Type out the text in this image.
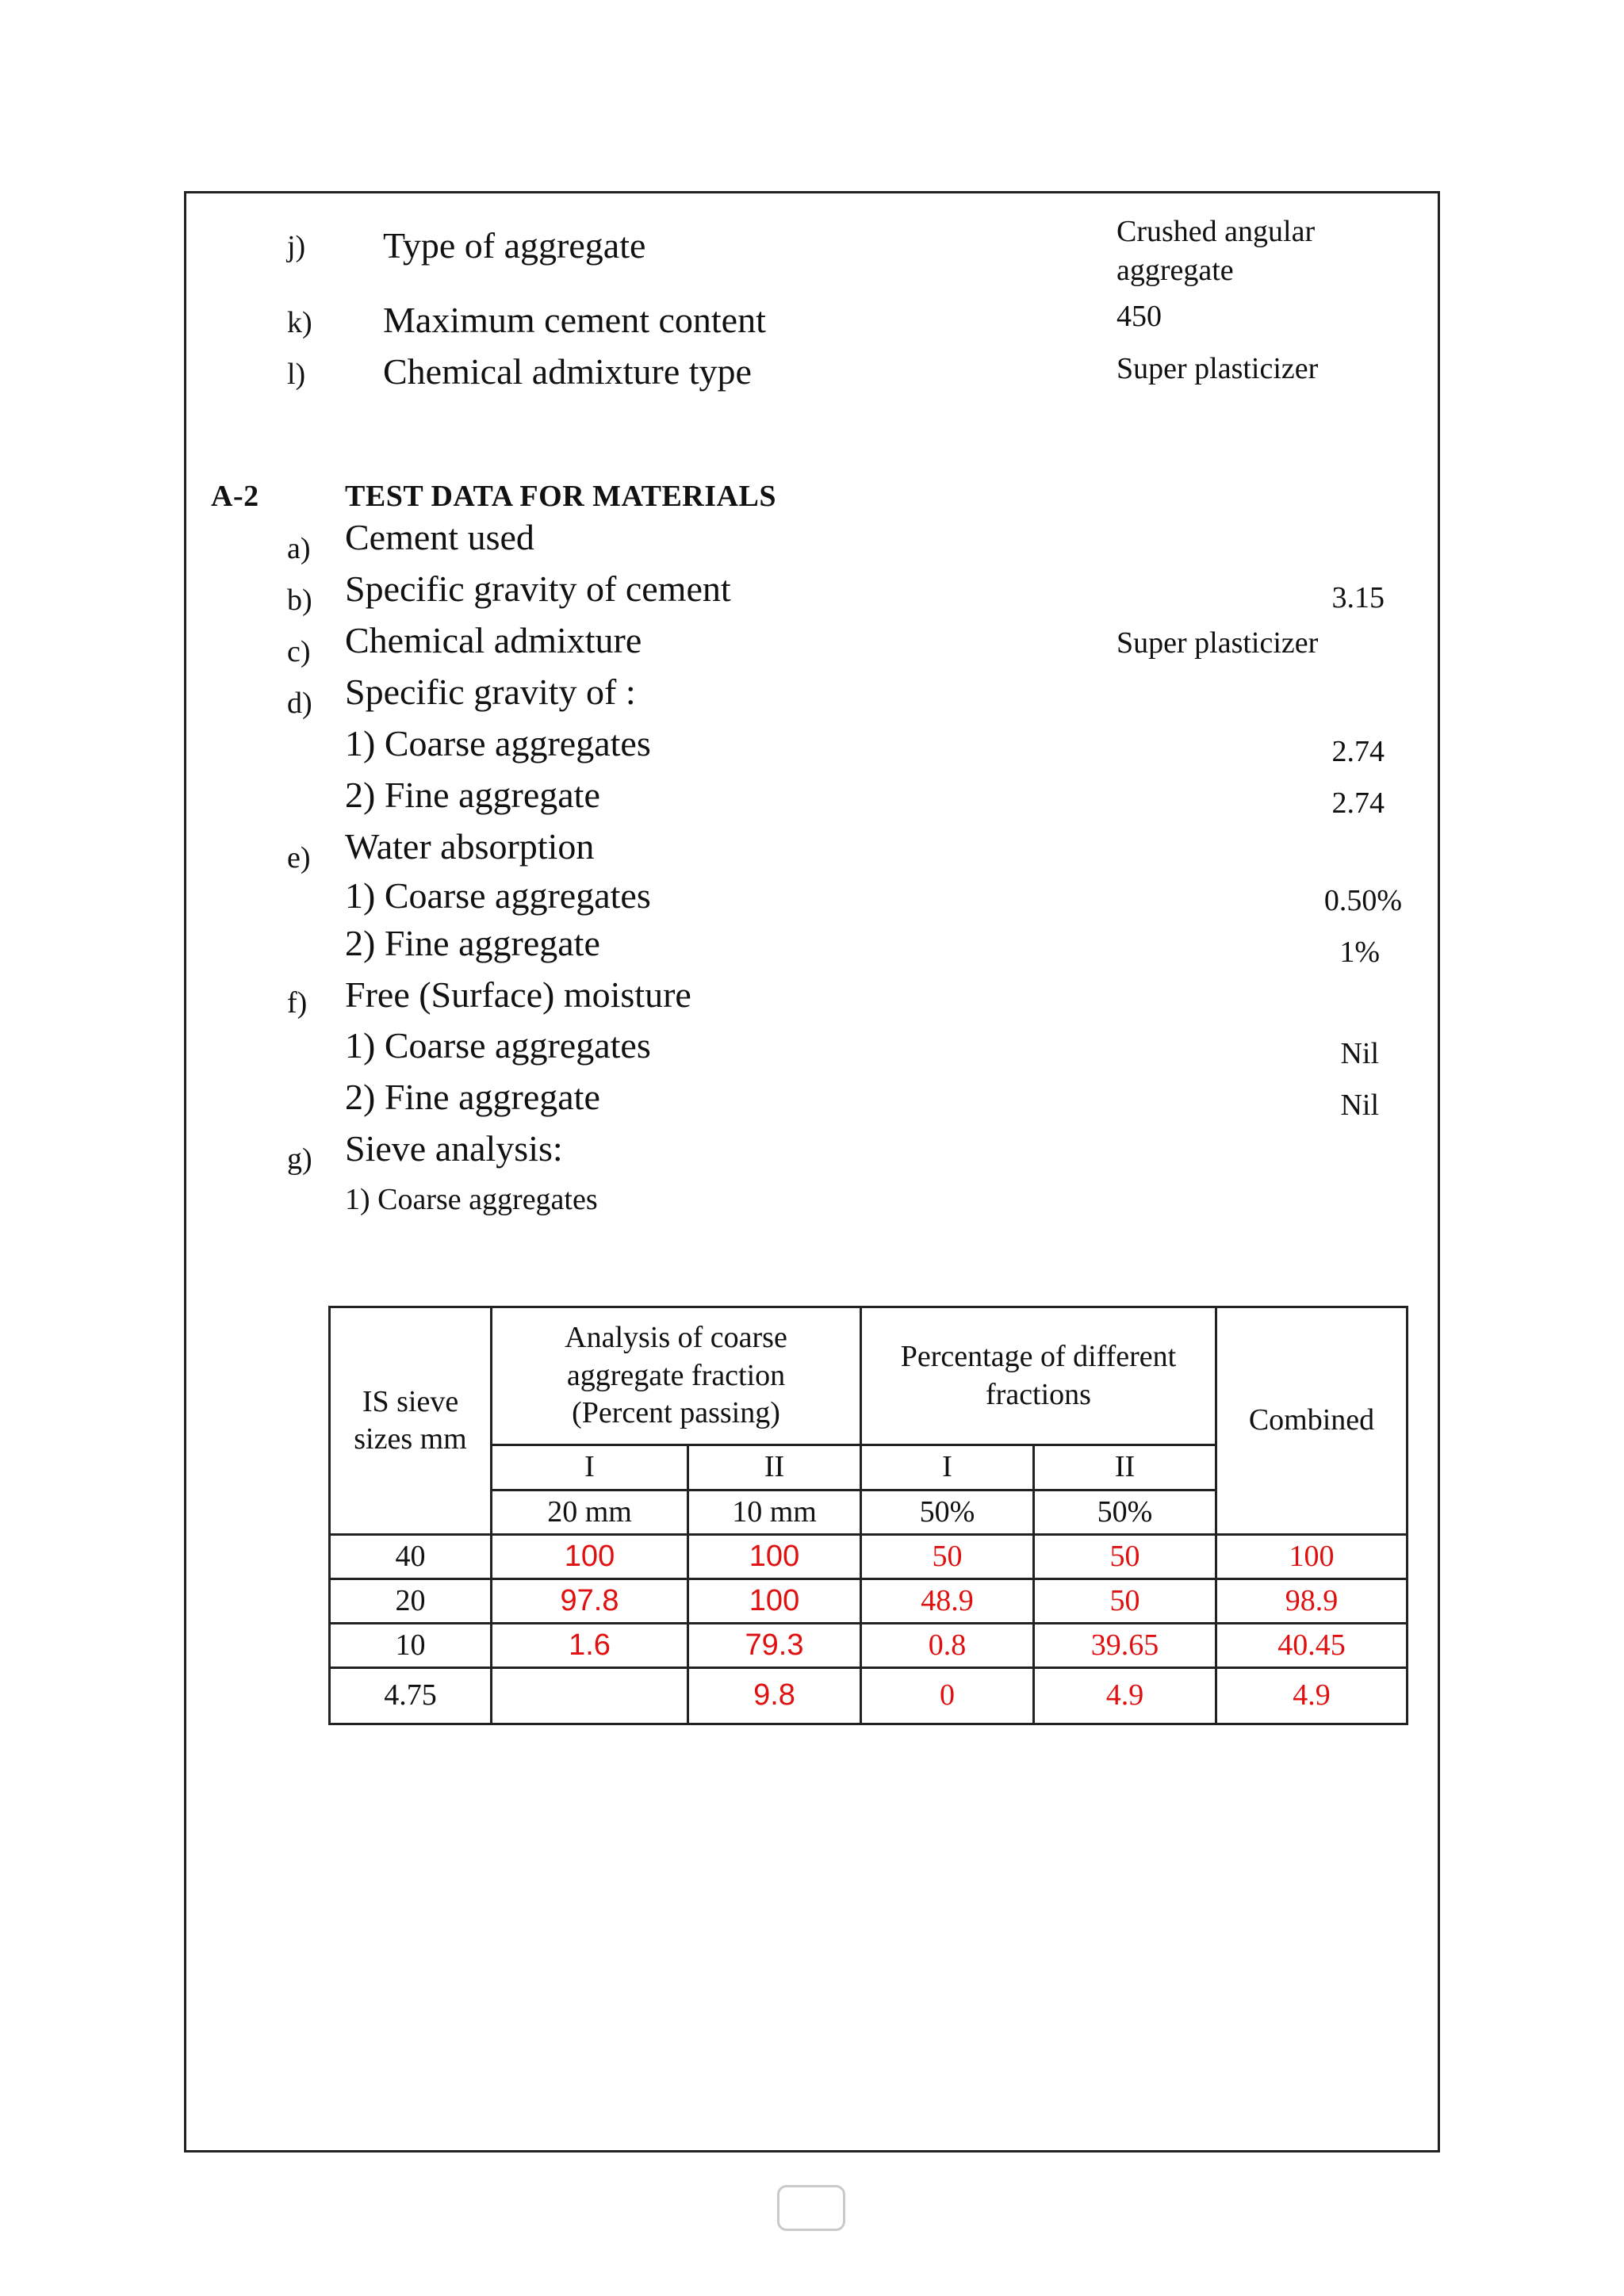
j) Type of aggregate	Crushed angular aggregate
k) Maximum cement content	450
l) Chemical admixture type	Super plasticizer
A-2	TEST DATA FOR MATERIALS
a) Cement used
b) Specific gravity of cement	3.15
c) Chemical admixture	Super plasticizer
d) Specific gravity of :
1) Coarse aggregates	2.74
2) Fine aggregate	2.74
e) Water absorption
1) Coarse aggregates	0.50%
2) Fine aggregate	1%
f) Free (Surface) moisture
1) Coarse aggregates	Nil
2) Fine aggregate	Nil
g) Sieve analysis:
1) Coarse aggregates
IS sieve sizes mm	Analysis of coarse aggregate fraction (Percent passing)		Percentage of different fractions		Combined
	I	II	I	II	
	20 mm	10 mm	50%	50%	
40	100	100	50	50	100
20	97.8	100	48.9	50	98.9
10	1.6	79.3	0.8	39.65	40.45
4.75		9.8	0	4.9	4.9
